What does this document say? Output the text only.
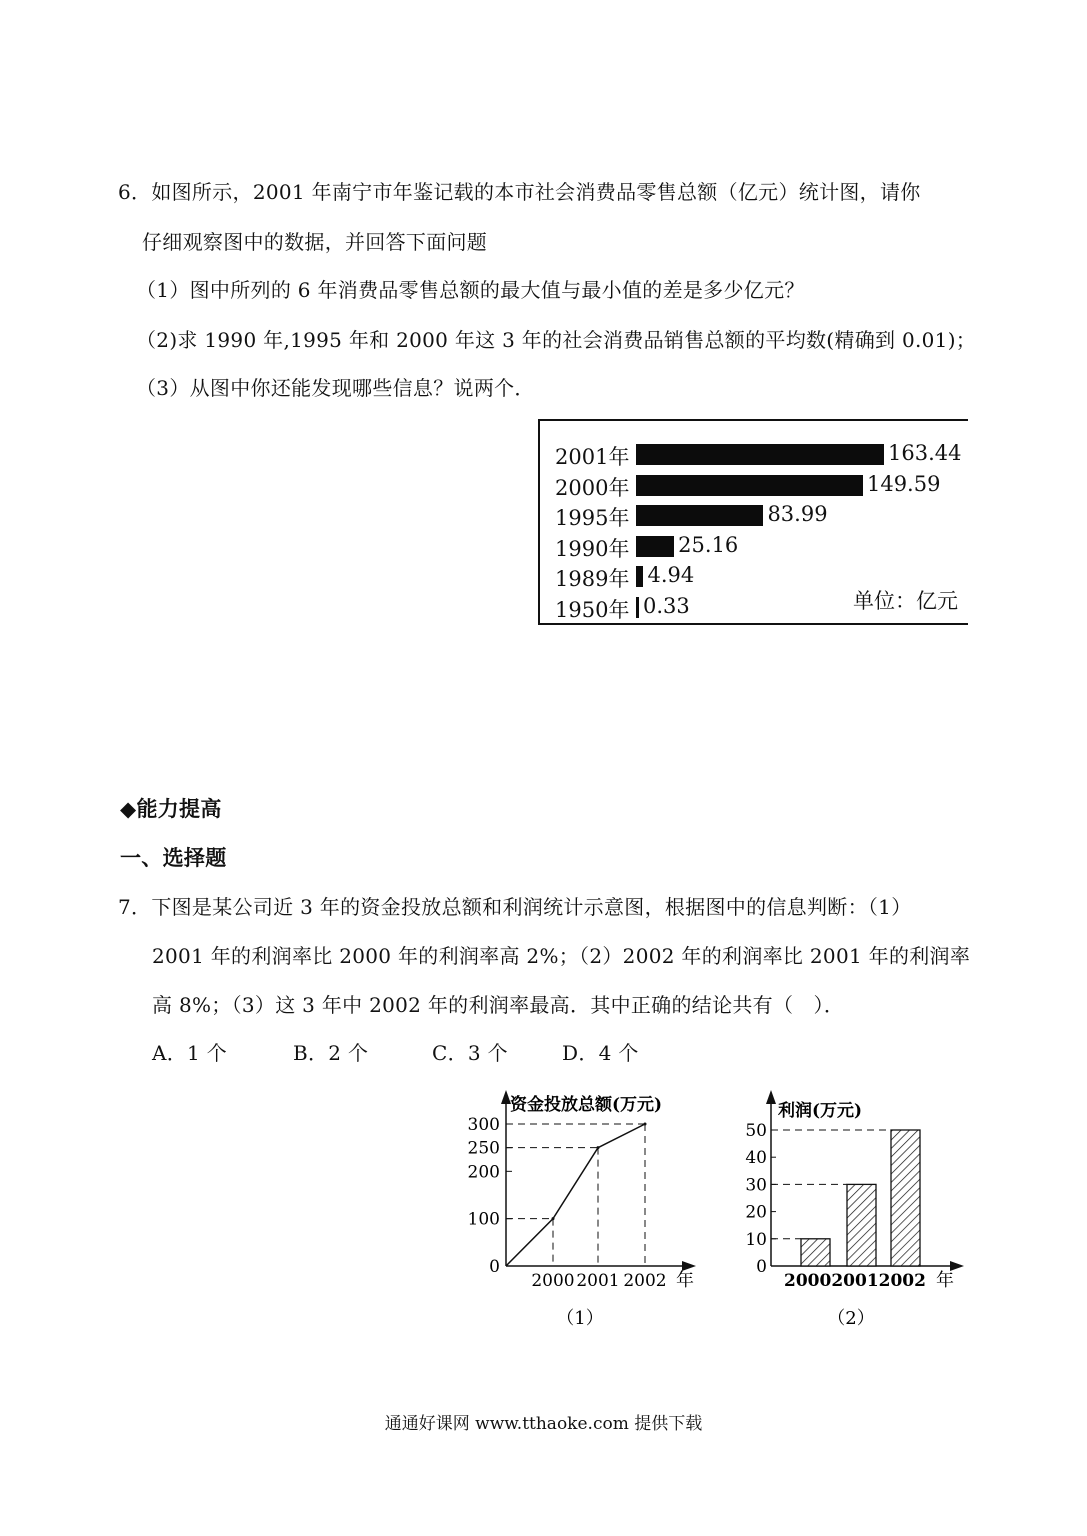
6．如图所示，2001 年南宁市年鉴记载的本市社会消费品零售总额（亿元）统计图，请你
仔细观察图中的数据，并回答下面问题
（1）图中所列的 6 年消费品零售总额的最大值与最小值的差是多少亿元？
（2)求 1990 年,1995 年和 2000 年这 3 年的社会消费品销售总额的平均数(精确到 0.01)；
（3）从图中你还能发现哪些信息？说两个．
单位：亿元
2001年	163.44
2000年	149.59
1995年	83.99
1990年 25.16
1989年 4.94
1950年 0.33
◆能力提高
一、选择题
7．下图是某公司近 3 年的资金投放总额和利润统计示意图，根据图中的信息判断：（1）
2001 年的利润率比 2000 年的利润率高 2%；（2）2002 年的利润率比 2001 年的利润率
高 8%；（3）这 3 年中 2002 年的利润率最高．其中正确的结论共有（　）．
A．1 个	B．2 个	C．3 个	D．4 个
资金投放总额(万元)
0
100
200
250
300
2000 2001 2002 年
（1）
利润(万元)
0
10
20
30
40
50
200020012002 年
（2）
通通好课网 www.tthaoke.com 提供下载
